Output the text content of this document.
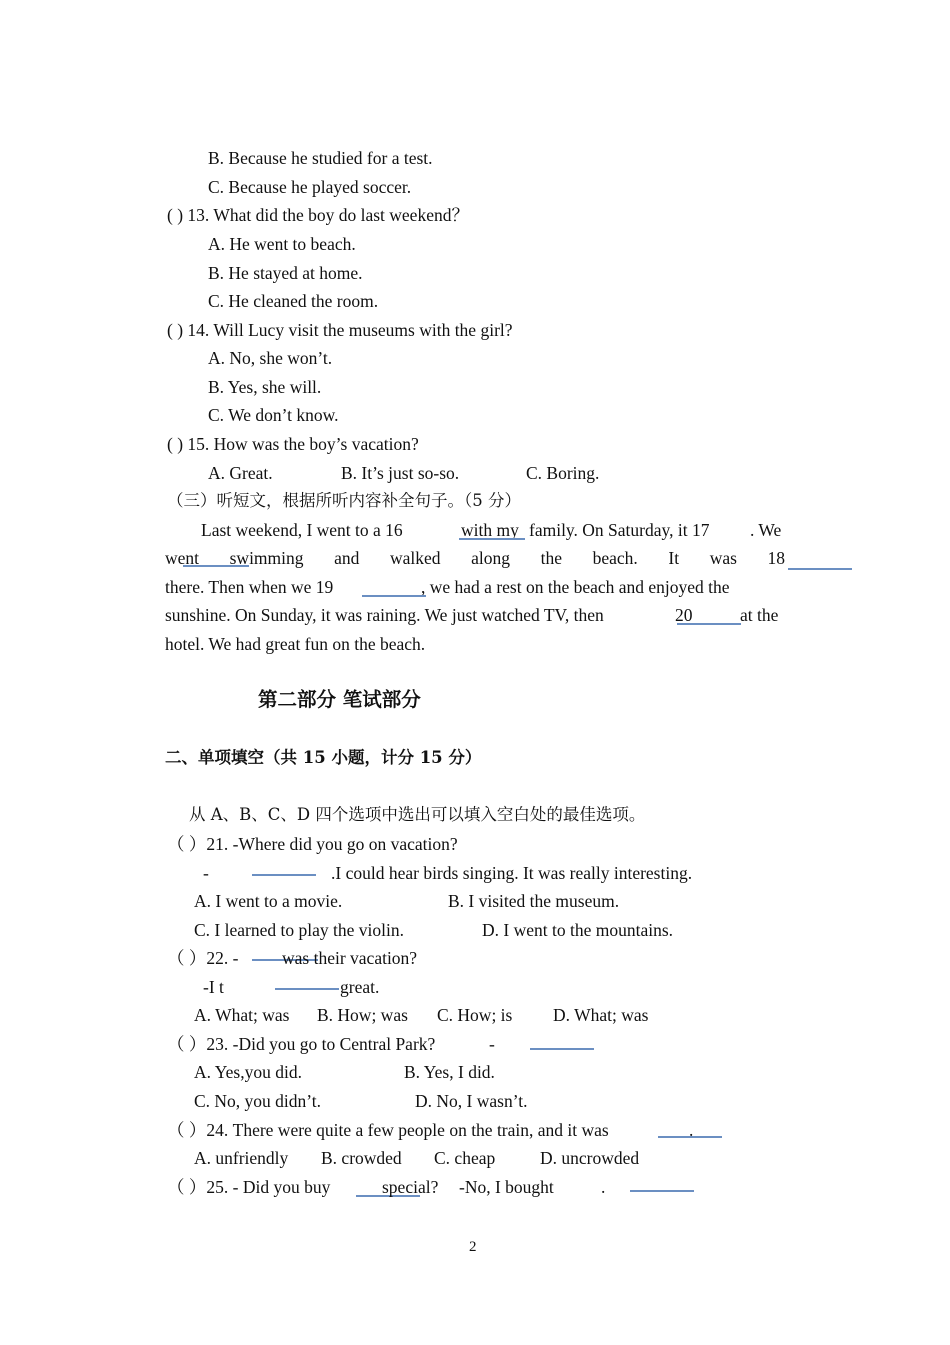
B. Because he studied for a test.
C. Because he played soccer.
( ) 13. What did the boy do last weekend？
A. He went to beach.
B. He stayed at home.
C. He cleaned the room.
( ) 14. Will Lucy visit the museums with the girl?
A. No, she won’t.
B. Yes, she will.
C. We don’t know.
( ) 15. How was the boy’s vacation?
A. Great.	B. It’s just so-so.	C. Boring.
（三）听短文，根据所听内容补全句子。（5 分）
Last weekend, I went to a 16	with my family. On Saturday, it 17 . We
went swimming and walked along the beach. It was 18
there. Then when we 19	, we had a rest on the beach and enjoyed the
sunshine. On Sunday, it was raining. We just watched TV, then	20	at the
hotel. We had great fun on the beach.
第二部分 笔试部分
二、单项填空（共 15 小题，计分 15 分）
从 A、B、C、D 四个选项中选出可以填入空白处的最佳选项。
（ ）21. -Where did you go on vacation?
-	.I could hear birds singing. It was really interesting.
A. I went to a movie.	B. I visited the museum.
C. I learned to play the violin.	D. I went to the mountains.
（ ）22. - was their vacation?
-I t	great.
A. What; was B. How; was C. How; is D. What; was
（ ）23. -Did you go to Central Park?	-
A. Yes,you did.	B. Yes, I did.
C. No, you didn’t.	D. No, I wasn’t.
（ ）24. There were quite a few people on the train, and it was	.
A. unfriendly B. crowded C. cheap	D. uncrowded
（ ）25. - Did you buy	special? -No, I bought	.
2
